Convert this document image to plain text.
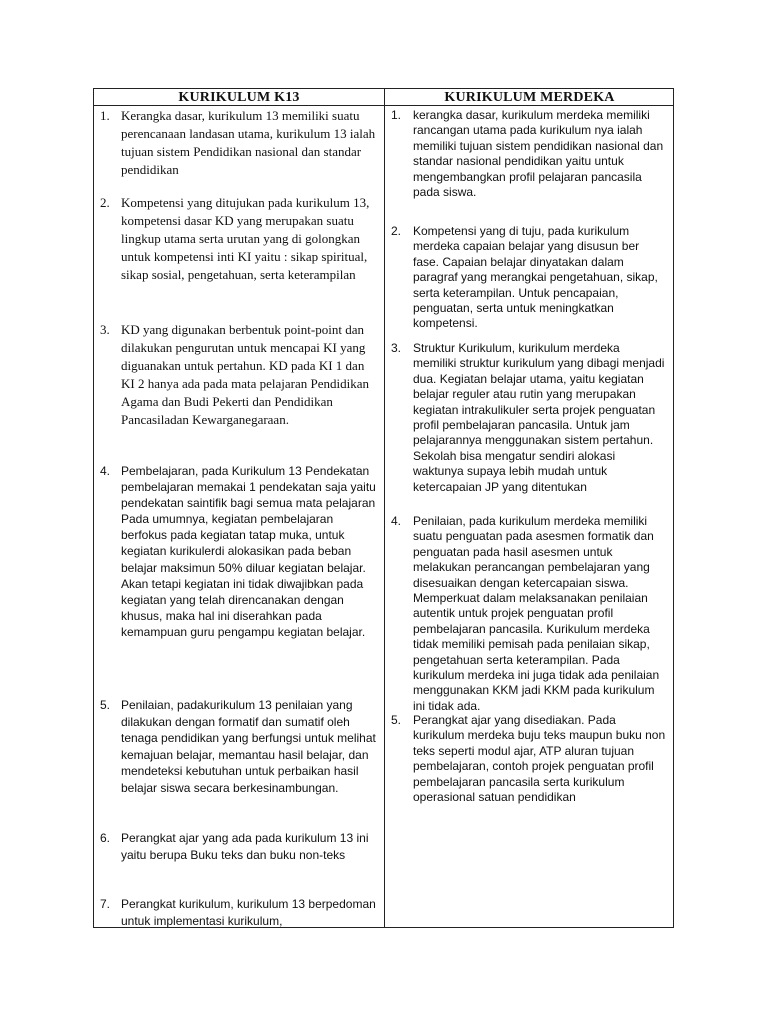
KURIKULUM K13	KURIKULUM MERDEKA
1. Kerangka dasar, kurikulum 13 memiliki suatu perencanaan landasan utama, kurikulum 13 ialah tujuan sistem Pendidikan nasional dan standar pendidikan
2. Kompetensi yang ditujukan pada kurikulum 13, kompetensi dasar KD yang merupakan suatu lingkup utama serta urutan yang di golongkan untuk kompetensi inti KI yaitu : sikap spiritual, sikap sosial, pengetahuan, serta keterampilan
3. KD yang digunakan berbentuk point-point dan dilakukan pengurutan untuk mencapai KI yang diguanakan untuk pertahun. KD pada KI 1 dan KI 2 hanya ada pada mata pelajaran Pendidikan Agama dan Budi Pekerti dan Pendidikan Pancasiladan Kewarganegaraan.
4. Pembelajaran, pada Kurikulum 13 Pendekatan pembelajaran memakai 1 pendekatan saja yaitu pendekatan saintifik bagi semua mata pelajaran Pada umumnya, kegiatan pembelajaran berfokus pada kegiatan tatap muka, untuk kegiatan kurikulerdi alokasikan pada beban belajar maksimun 50% diluar kegiatan belajar. Akan tetapi kegiatan ini tidak diwajibkan pada kegiatan yang telah direncanakan dengan khusus, maka hal ini diserahkan pada kemampuan guru pengampu kegiatan belajar.
5. Penilaian, padakurikulum 13 penilaian yang dilakukan dengan formatif dan sumatif oleh tenaga pendidikan yang berfungsi untuk melihat kemajuan belajar, memantau hasil belajar, dan mendeteksi kebutuhan untuk perbaikan hasil belajar siswa secara berkesinambungan.
6. Perangkat ajar yang ada pada kurikulum 13 ini yaitu berupa Buku teks dan buku non-teks
7. Perangkat kurikulum, kurikulum 13 berpedoman untuk implementasi kurikulum,
1. kerangka dasar, kurikulum merdeka memiliki rancangan utama pada kurikulum nya ialah memiliki tujuan sistem pendidikan nasional dan standar nasional pendidikan yaitu untuk mengembangkan profil pelajaran pancasila pada siswa.
2. Kompetensi yang di tuju, pada kurikulum merdeka capaian belajar yang disusun ber fase. Capaian belajar dinyatakan dalam paragraf yang merangkai pengetahuan, sikap, serta keterampilan. Untuk pencapaian, penguatan, serta untuk meningkatkan kompetensi.
3. Struktur Kurikulum, kurikulum merdeka memiliki struktur kurikulum yang dibagi menjadi dua. Kegiatan belajar utama, yaitu kegiatan belajar reguler atau rutin yang merupakan kegiatan intrakulikuler serta projek penguatan profil pembelajaran pancasila. Untuk jam pelajarannya menggunakan sistem pertahun. Sekolah bisa mengatur sendiri alokasi waktunya supaya lebih mudah untuk ketercapaian JP yang ditentukan
4. Penilaian, pada kurikulum merdeka memiliki suatu penguatan pada asesmen formatik dan penguatan pada hasil asesmen untuk melakukan perancangan pembelajaran yang disesuaikan dengan ketercapaian siswa. Memperkuat dalam melaksanakan penilaian autentik untuk projek penguatan profil pembelajaran pancasila. Kurikulum merdeka tidak memiliki pemisah pada penilaian sikap, pengetahuan serta keterampilan. Pada kurikulum merdeka ini juga tidak ada penilaian menggunakan KKM jadi KKM pada kurikulum ini tidak ada.
5. Perangkat ajar yang disediakan. Pada kurikulum merdeka buju teks maupun buku non teks seperti modul ajar, ATP aluran tujuan pembelajaran, contoh projek penguatan profil pembelajaran pancasila serta kurikulum operasional satuan pendidikan
